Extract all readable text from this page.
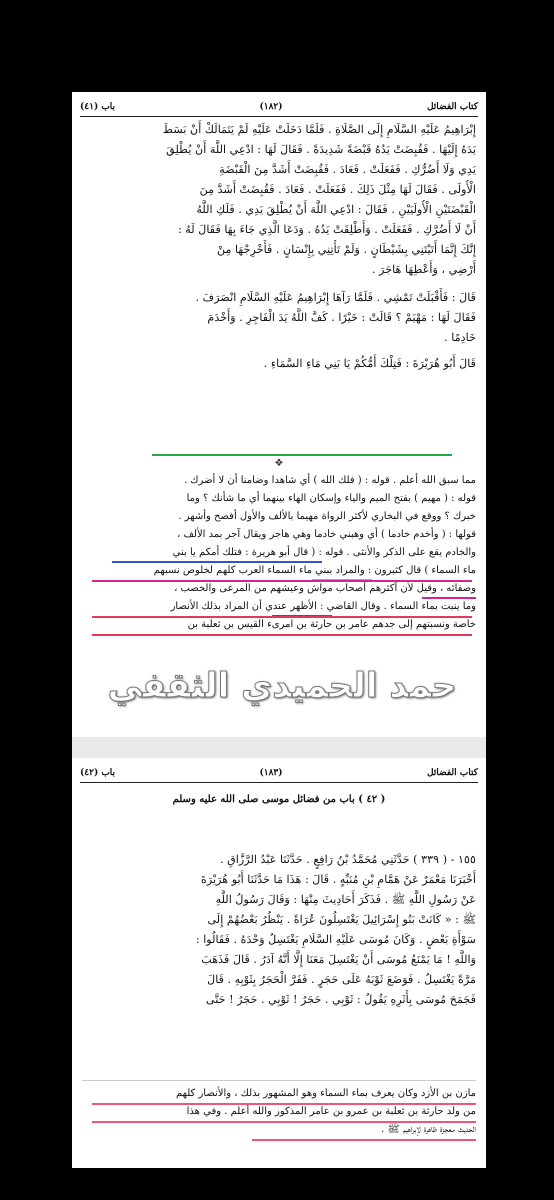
كتاب الفضائل
(١٨٢)
باب (٤١)
إِبْرَاهِيمُ عَلَيْهِ السَّلَامِ إِلَى الصَّلَاةِ . فَلَمَّا دَخَلَتْ عَلَيْهِ لَمْ يَتَمَالَكْ أَنْ بَسَطَ
يَدَهُ إِلَيْهَا . فَقُبِضَتْ يَدُهُ قَبْضَةً شَدِيدَةً . فَقَالَ لَهَا : ادْعِي اللَّهَ أَنْ يُطْلِقَ
يَدِي وَلَا أَضُرُّكِ . فَفَعَلَتْ . فَعَادَ . فَقُبِضَتْ أَشَدَّ مِنَ الْقَبْضَةِ
الْأُولَى . فَقَالَ لَهَا مِثْلَ ذَلِكَ . فَفَعَلَتْ . فَعَادَ . فَقُبِضَتْ أَشَدَّ مِنَ
الْقَبْضَتَيْنِ الْأُولَيَيْنِ . فَقَالَ : ادْعِي اللَّهَ أَنْ يُطْلِقَ يَدِي . فَلَكِ اللَّهُ
أَنْ لَا أَضُرَّكِ . فَفَعَلَتْ . وَأُطْلِقَتْ يَدُهُ . وَدَعَا الَّذِي جَاءَ بِهَا فَقَالَ لَهُ :
إِنَّكَ إِنَّمَا أَتَيْتَنِي بِشَيْطَانٍ . وَلَمْ تَأْتِنِي بِإِنْسَانٍ . فَأَخْرِجْهَا مِنْ
أَرْضِي ، وَأَعْطِهَا هَاجَرَ .
قَالَ : فَأَقْبَلَتْ تَمْشِي . فَلَمَّا رَآهَا إِبْرَاهِيمُ عَلَيْهِ السَّلَامِ انْصَرَفَ .
فَقَالَ لَهَا : مَهْيَمْ ؟ قَالَتْ : خَيْرًا . كَفَّ اللَّهُ يَدَ الْفَاجِرِ . وَأَخْدَمَ
خَادِمًا .
قَالَ أَبُو هُرَيْرَةَ : فَتِلْكَ أُمُّكُمْ يَا بَنِي مَاءِ السَّمَاءِ .
❖
مما سبق الله أعلم . قوله : ( فلك الله ) أي شاهدا وضامنا أن لا أضرك .
قوله : ( مهيم ) بفتح الميم والياء وإسكان الهاء بينهما أي ما شأنك ؟ وما
خبرك ؟ ووقع في البخاري لأكثر الرواة مهيما بالألف والأول أفصح وأشهر .
قولها : ( وأخدم خادما ) أي وهبني خادما وهي هاجر ويقال آجر بمد الألف ،
والخادم يقع على الذكر والأنثى . قوله : ( قال أبو هريرة : فتلك أمكم يا بني
ماء السماء ) قال كثيرون : والمراد ببني ماء السماء العرب كلهم لخلوص نسبهم
وصفائه ، وقيل لأن أكثرهم أصحاب مواش وعيشهم من المرعى والخصب ،
وما ينبت بماء السماء . وقال القاضي : الأظهر عندي أن المراد بذلك الأنصار
خاصة ونسبتهم إلى جدهم عامر بن حارثة بن امرىء القيس بن ثعلبة بن
حمد الحميدي الثقفي
كتاب الفضائل
(١٨٣)
باب (٤٢)
( ٤٢ ) باب من فضائل موسى صلى الله عليه وسلم
١٥٥ - ( ٣٣٩ ) حَدَّثَنِي مُحَمَّدُ بْنُ رَافِعٍ . حَدَّثَنَا عَبْدُ الرَّزَّاقِ .
أَخْبَرَنَا مَعْمَرٌ عَنْ هَمَّامِ بْنِ مُنَبِّهٍ . قَالَ : هَذَا مَا حَدَّثَنَا أَبُو هُرَيْرَةَ
عَنْ رَسُولِ اللَّهِ ﷺ . فَذَكَرَ أَحَادِيثَ مِنْهَا : وَقَالَ رَسُولُ اللَّهِ
ﷺ : « كَانَتْ بَنُو إِسْرَائِيلَ يَغْتَسِلُونَ عُرَاةً . يَنْظُرُ بَعْضُهُمْ إِلَى
سَوْأَةِ بَعْضٍ . وَكَانَ مُوسَى عَلَيْهِ السَّلَامِ يَغْتَسِلُ وَحْدَهُ . فَقَالُوا :
وَاللَّهِ ! مَا يَمْنَعُ مُوسَى أَنْ يَغْتَسِلَ مَعَنَا إِلَّا أَنَّهُ آدَرُ . قَالَ فَذَهَبَ
مَرَّةً يَغْتَسِلُ . فَوَضَعَ ثَوْبَهُ عَلَى حَجَرٍ . فَفَرَّ الْحَجَرُ بِثَوْبِهِ . قَالَ
فَجَمَحَ مُوسَى بِأَثَرِهِ يَقُولُ : ثَوْبِي . حَجَرُ ! ثَوْبِي . حَجَرُ ! حَتَّى
مازن بن الأزد وكان يعرف بماء السماء وهو المشهور بذلك ، والأنصار كلهم
من ولد حارثة بن ثعلبة بن عمرو بن عامر المذكور والله أعلم . وفي هذا
الحديث معجزة ظاهرة لإبراهيم ﷺ .
